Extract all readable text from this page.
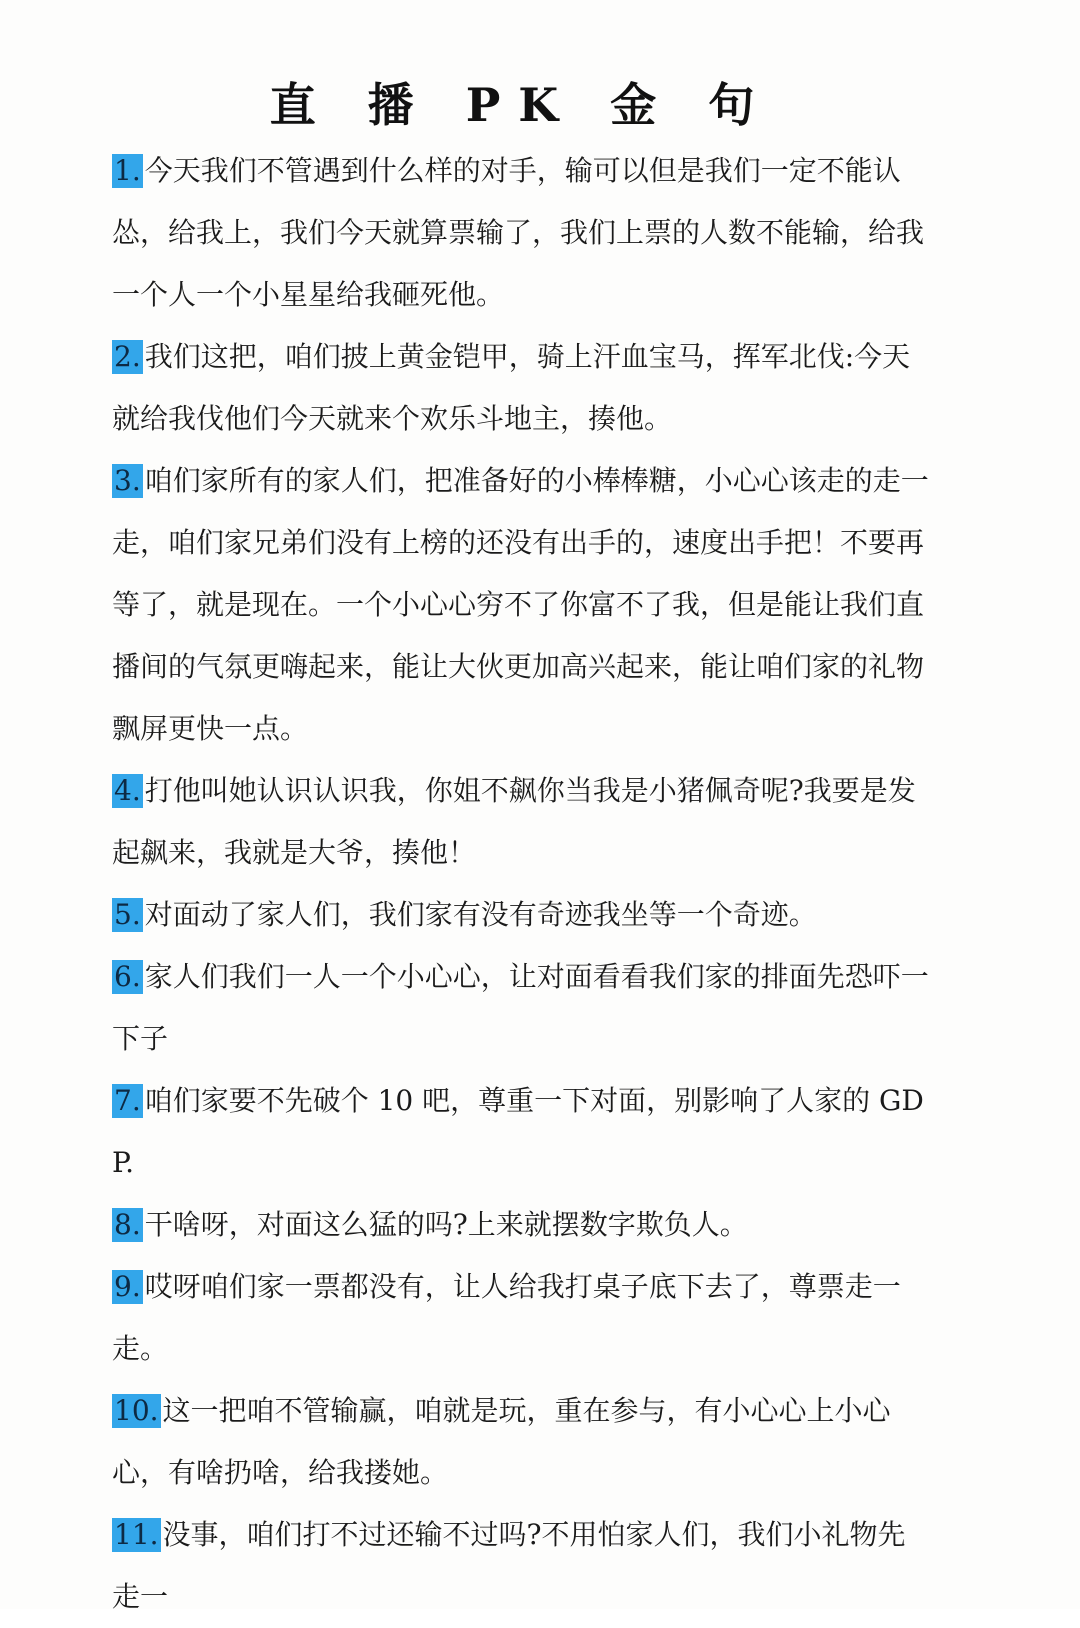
直 播 PK 金 句
1. 今天我们不管遇到什么样的对手，输可以但是我们一定不能认怂，给我上，我们今天就算票输了，我们上票的人数不能输，给我一个人一个小星星给我砸死他。
2. 我们这把，咱们披上黄金铠甲，骑上汗血宝马，挥军北伐:今天就给我伐他们今天就来个欢乐斗地主，揍他。
3. 咱们家所有的家人们，把准备好的小棒棒糖，小心心该走的走一走，咱们家兄弟们没有上榜的还没有出手的，速度出手把！不要再等了，就是现在。一个小心心穷不了你富不了我，但是能让我们直播间的气氛更嗨起来，能让大伙更加高兴起来，能让咱们家的礼物飘屏更快一点。
4. 打他叫她认识认识我，你姐不飙你当我是小猪佩奇呢?我要是发起飙来，我就是大爷，揍他！
5. 对面动了家人们，我们家有没有奇迹我坐等一个奇迹。
6. 家人们我们一人一个小心心，让对面看看我们家的排面先恐吓一下子
7. 咱们家要不先破个 10 吧，尊重一下对面，别影响了人家的 GDP.
8. 干啥呀，对面这么猛的吗?上来就摆数字欺负人。
9. 哎呀咱们家一票都没有，让人给我打桌子底下去了，尊票走一走。
10. 这一把咱不管输赢，咱就是玩，重在参与，有小心心上小心心，有啥扔啥，给我搂她。
11. 没事，咱们打不过还输不过吗?不用怕家人们，我们小礼物先走一
